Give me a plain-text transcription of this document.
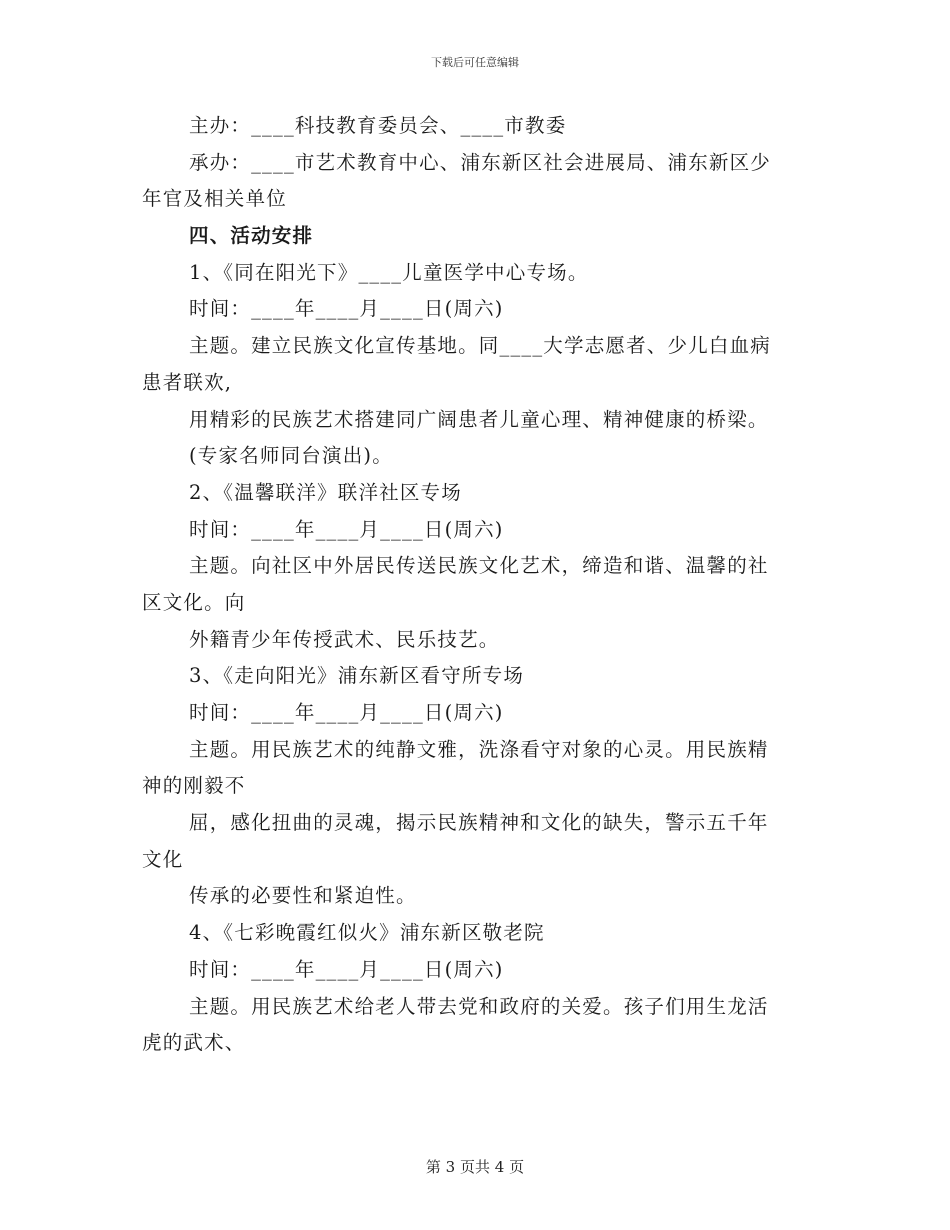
下载后可任意编辑
主办：____科技教育委员会、____市教委
承办：____市艺术教育中心、浦东新区社会进展局、浦东新区少
年官及相关单位
四、活动安排
1、《同在阳光下》____儿童医学中心专场。
时间：____年____月____日(周六)
主题。建立民族文化宣传基地。同____大学志愿者、少儿白血病
患者联欢,
用精彩的民族艺术搭建同广阔患者儿童心理、精神健康的桥梁。
(专家名师同台演出)。
2、《温馨联洋》联洋社区专场
时间：____年____月____日(周六)
主题。向社区中外居民传送民族文化艺术，缔造和谐、温馨的社
区文化。向
外籍青少年传授武术、民乐技艺。
3、《走向阳光》浦东新区看守所专场
时间：____年____月____日(周六)
主题。用民族艺术的纯静文雅，洗涤看守对象的心灵。用民族精
神的刚毅不
屈，感化扭曲的灵魂，揭示民族精神和文化的缺失，警示五千年
文化
传承的必要性和紧迫性。
4、《七彩晚霞红似火》浦东新区敬老院
时间：____年____月____日(周六)
主题。用民族艺术给老人带去党和政府的关爱。孩子们用生龙活
虎的武术、
第 3 页共 4 页
